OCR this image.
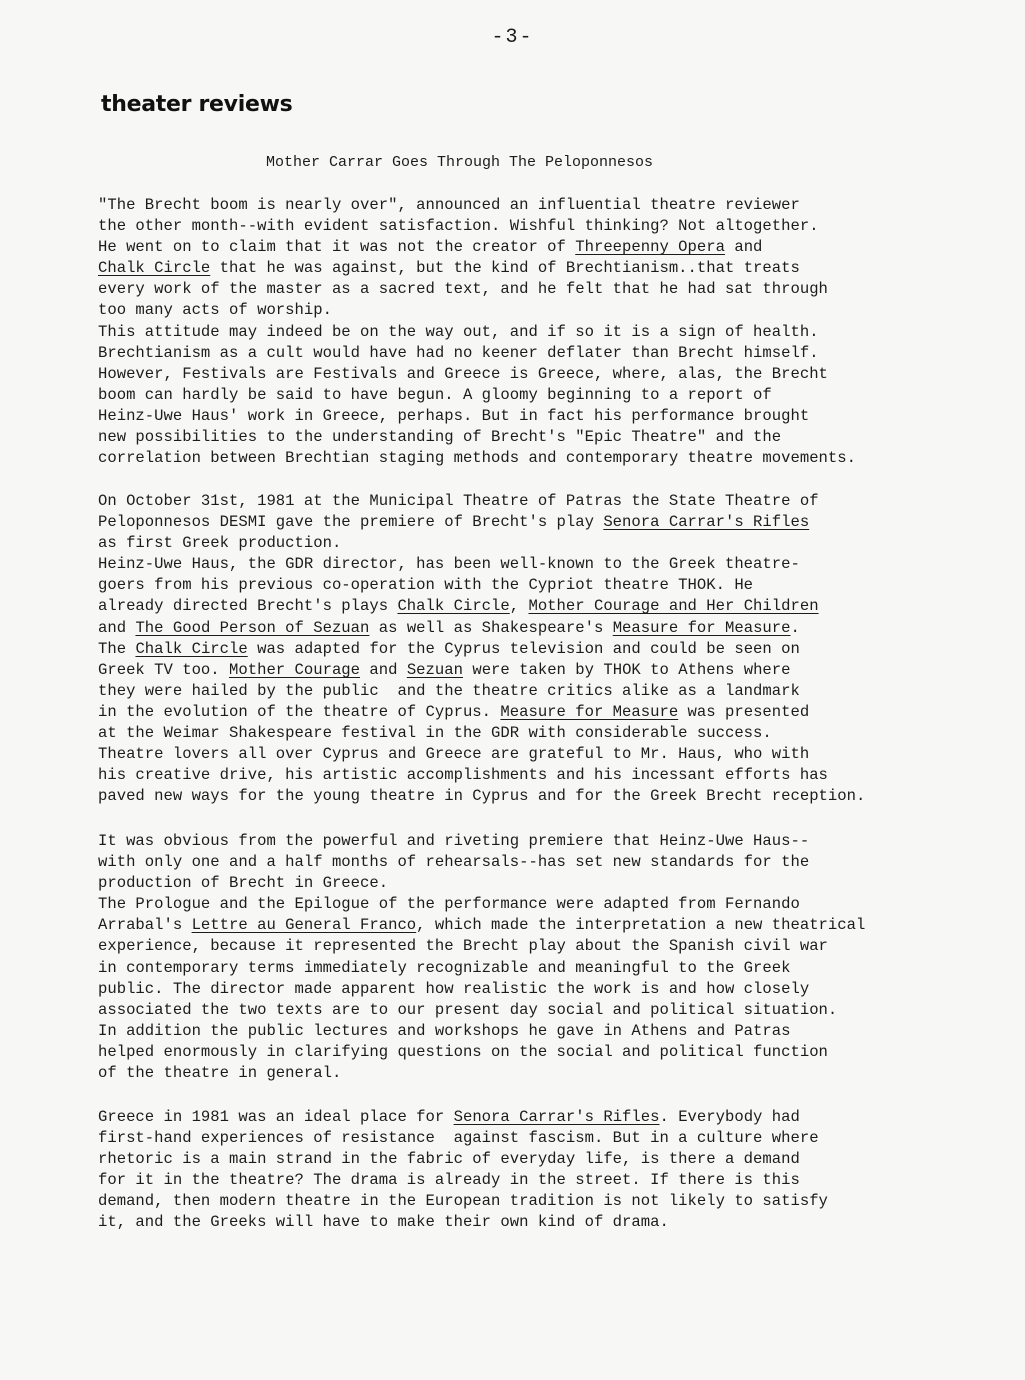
-3-
theater reviews
Mother Carrar Goes Through The Peloponnesos
"The Brecht boom is nearly over", announced an influential theatre reviewer
the other month--with evident satisfaction. Wishful thinking? Not altogether.
He went on to claim that it was not the creator of Threepenny Opera and
Chalk Circle that he was against, but the kind of Brechtianism..that treats
every work of the master as a sacred text, and he felt that he had sat through
too many acts of worship.
This attitude may indeed be on the way out, and if so it is a sign of health.
Brechtianism as a cult would have had no keener deflater than Brecht himself.
However, Festivals are Festivals and Greece is Greece, where, alas, the Brecht
boom can hardly be said to have begun. A gloomy beginning to a report of
Heinz-Uwe Haus' work in Greece, perhaps. But in fact his performance brought
new possibilities to the understanding of Brecht's "Epic Theatre" and the
correlation between Brechtian staging methods and contemporary theatre movements.
On October 31st, 1981 at the Municipal Theatre of Patras the State Theatre of
Peloponnesos DESMI gave the premiere of Brecht's play Senora Carrar's Rifles
as first Greek production.
Heinz-Uwe Haus, the GDR director, has been well-known to the Greek theatre-
goers from his previous co-operation with the Cypriot theatre THOK. He
already directed Brecht's plays Chalk Circle, Mother Courage and Her Children
and The Good Person of Sezuan as well as Shakespeare's Measure for Measure.
The Chalk Circle was adapted for the Cyprus television and could be seen on
Greek TV too. Mother Courage and Sezuan were taken by THOK to Athens where
they were hailed by the public  and the theatre critics alike as a landmark
in the evolution of the theatre of Cyprus. Measure for Measure was presented
at the Weimar Shakespeare festival in the GDR with considerable success.
Theatre lovers all over Cyprus and Greece are grateful to Mr. Haus, who with
his creative drive, his artistic accomplishments and his incessant efforts has
paved new ways for the young theatre in Cyprus and for the Greek Brecht reception.
It was obvious from the powerful and riveting premiere that Heinz-Uwe Haus--
with only one and a half months of rehearsals--has set new standards for the
production of Brecht in Greece.
The Prologue and the Epilogue of the performance were adapted from Fernando
Arrabal's Lettre au General Franco, which made the interpretation a new theatrical
experience, because it represented the Brecht play about the Spanish civil war
in contemporary terms immediately recognizable and meaningful to the Greek
public. The director made apparent how realistic the work is and how closely
associated the two texts are to our present day social and political situation.
In addition the public lectures and workshops he gave in Athens and Patras
helped enormously in clarifying questions on the social and political function
of the theatre in general.
Greece in 1981 was an ideal place for Senora Carrar's Rifles. Everybody had
first-hand experiences of resistance  against fascism. But in a culture where
rhetoric is a main strand in the fabric of everyday life, is there a demand
for it in the theatre? The drama is already in the street. If there is this
demand, then modern theatre in the European tradition is not likely to satisfy
it, and the Greeks will have to make their own kind of drama.
